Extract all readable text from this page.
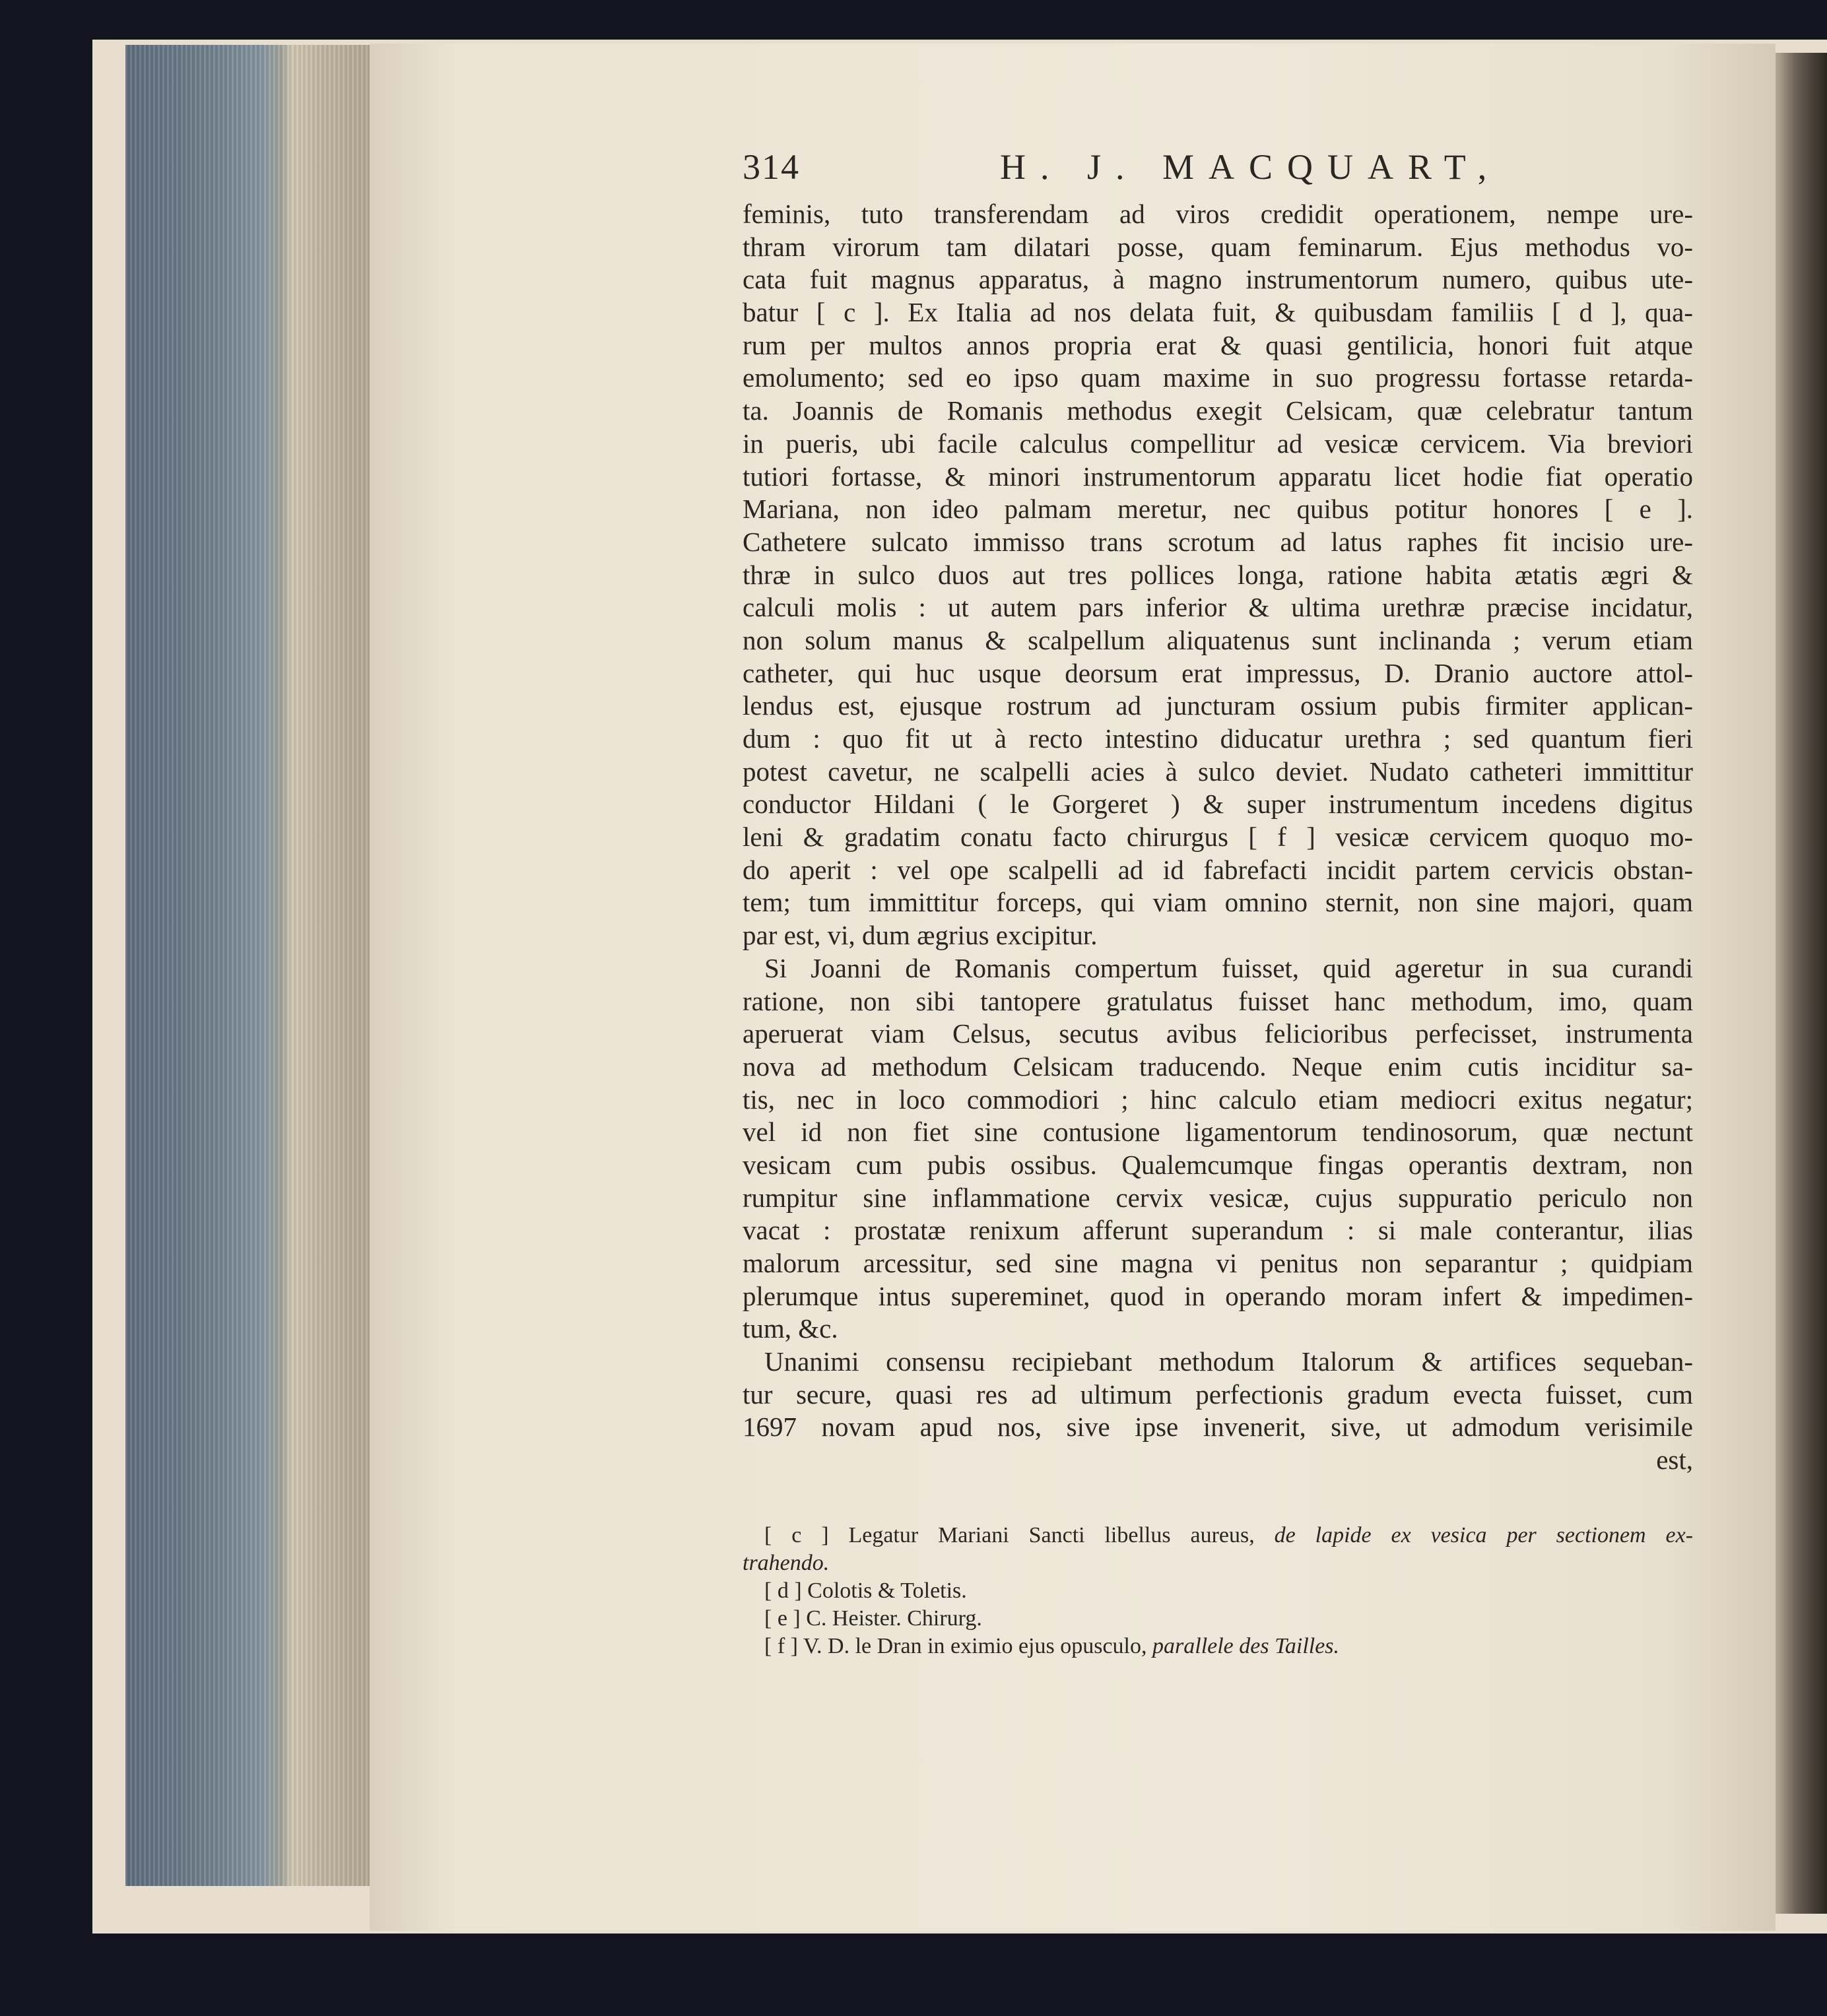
314	H. J. MACQUART,
feminis, tuto transferendam ad viros credidit operationem, nempe ure-
thram virorum tam dilatari posse, quam feminarum. Ejus methodus vo-
cata fuit magnus apparatus, à magno instrumentorum numero, quibus ute-
batur [ c ]. Ex Italia ad nos delata fuit, & quibusdam familiis [ d ], qua-
rum per multos annos propria erat & quasi gentilicia, honori fuit atque
emolumento; sed eo ipso quam maxime in suo progressu fortasse retarda-
ta. Joannis de Romanis methodus exegit Celsicam, quæ celebratur tantum
in pueris, ubi facile calculus compellitur ad vesicæ cervicem. Via breviori
tutiori fortasse, & minori instrumentorum apparatu licet hodie fiat operatio
Mariana, non ideo palmam meretur, nec quibus potitur honores [ e ].
Cathetere sulcato immisso trans scrotum ad latus raphes fit incisio ure-
thræ in sulco duos aut tres pollices longa, ratione habita ætatis ægri &
calculi molis : ut autem pars inferior & ultima urethræ præcise incidatur,
non solum manus & scalpellum aliquatenus sunt inclinanda ; verum etiam
catheter, qui huc usque deorsum erat impressus, D. Dranio auctore attol-
lendus est, ejusque rostrum ad juncturam ossium pubis firmiter applican-
dum : quo fit ut à recto intestino diducatur urethra ; sed quantum fieri
potest cavetur, ne scalpelli acies à sulco deviet. Nudato catheteri immittitur
conductor Hildani ( le Gorgeret ) & super instrumentum incedens digitus
leni & gradatim conatu facto chirurgus [ f ] vesicæ cervicem quoquo mo-
do aperit : vel ope scalpelli ad id fabrefacti incidit partem cervicis obstan-
tem; tum immittitur forceps, qui viam omnino sternit, non sine majori, quam
par est, vi, dum ægrius excipitur.
Si Joanni de Romanis compertum fuisset, quid ageretur in sua curandi
ratione, non sibi tantopere gratulatus fuisset hanc methodum, imo, quam
aperuerat viam Celsus, secutus avibus felicioribus perfecisset, instrumenta
nova ad methodum Celsicam traducendo. Neque enim cutis inciditur sa-
tis, nec in loco commodiori ; hinc calculo etiam mediocri exitus negatur;
vel id non fiet sine contusione ligamentorum tendinosorum, quæ nectunt
vesicam cum pubis ossibus. Qualemcumque fingas operantis dextram, non
rumpitur sine inflammatione cervix vesicæ, cujus suppuratio periculo non
vacat : prostatæ renixum afferunt superandum : si male conterantur, ilias
malorum arcessitur, sed sine magna vi penitus non separantur ; quidpiam
plerumque intus supereminet, quod in operando moram infert & impedimen-
tum, &c.
Unanimi consensu recipiebant methodum Italorum & artifices sequeban-
tur secure, quasi res ad ultimum perfectionis gradum evecta fuisset, cum
1697 novam apud nos, sive ipse invenerit, sive, ut admodum verisimile
est,
[ c ] Legatur Mariani Sancti libellus aureus, de lapide ex vesica per sectionem ex-
trahendo.
[ d ] Colotis & Toletis.
[ e ] C. Heister. Chirurg.
[ f ] V. D. le Dran in eximio ejus opusculo, parallele des Tailles.
